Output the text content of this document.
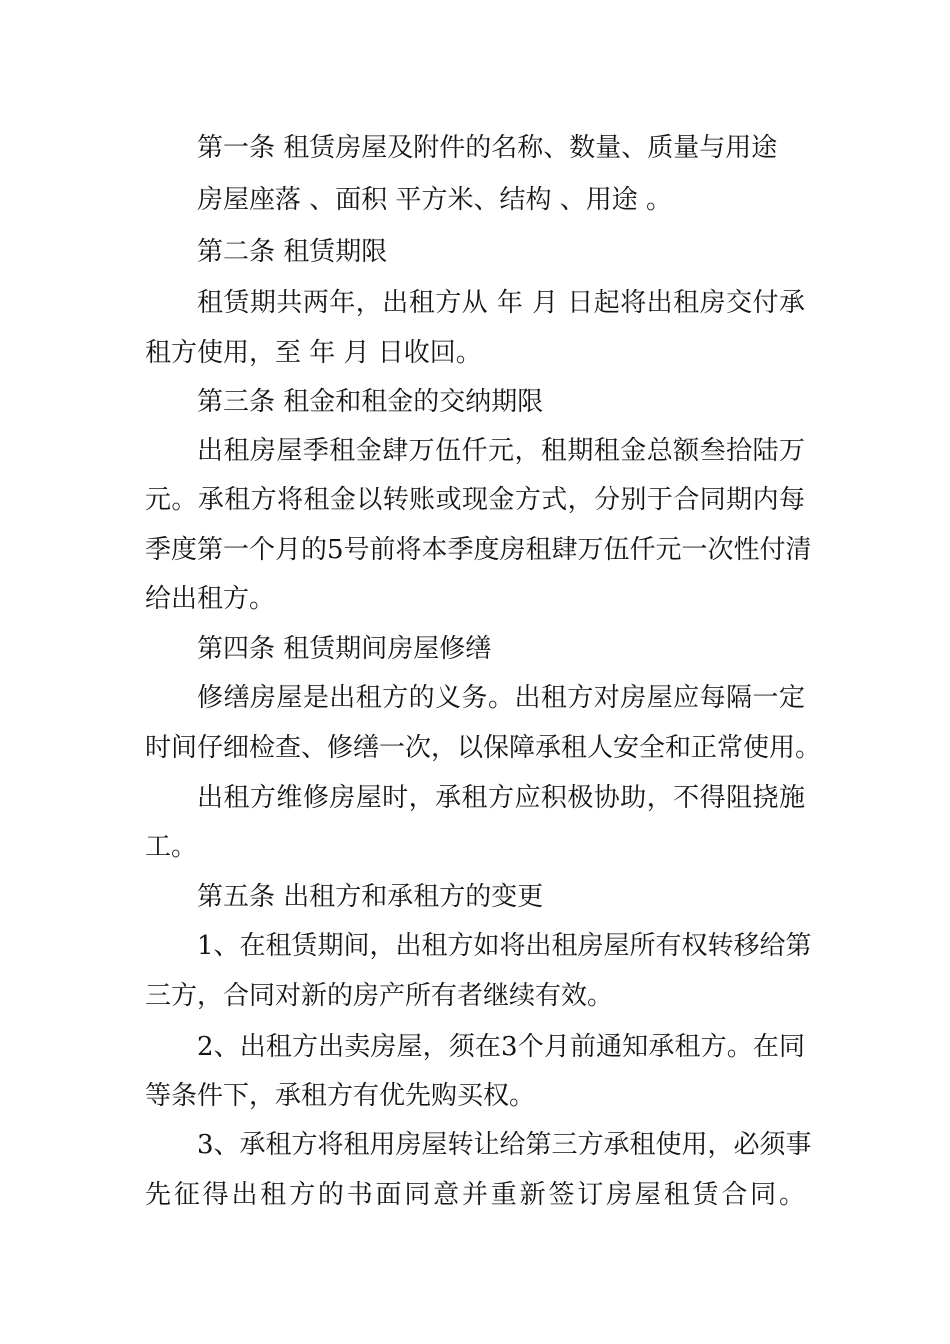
第一条 租赁房屋及附件的名称、数量、质量与用途
房屋座落 、面积 平方米、结构 、用途 。
第二条 租赁期限
租赁期共两年，出租方从 年 月 日起将出租房交付承
租方使用，至 年 月 日收回。
第三条 租金和租金的交纳期限
出租房屋季租金肆万伍仟元，租期租金总额叁拾陆万
元。承租方将租金以转账或现金方式，分别于合同期内每
季度第一个月的5号前将本季度房租肆万伍仟元一次性付清
给出租方。
第四条 租赁期间房屋修缮
修缮房屋是出租方的义务。出租方对房屋应每隔一定
时间仔细检查、修缮一次，以保障承租人安全和正常使用。
出租方维修房屋时，承租方应积极协助，不得阻挠施
工。
第五条 出租方和承租方的变更
1、在租赁期间，出租方如将出租房屋所有权转移给第
三方，合同对新的房产所有者继续有效。
2、出租方出卖房屋，须在3个月前通知承租方。在同
等条件下，承租方有优先购买权。
3、承租方将租用房屋转让给第三方承租使用，必须事
先征得出租方的书面同意并重新签订房屋租赁合同。
